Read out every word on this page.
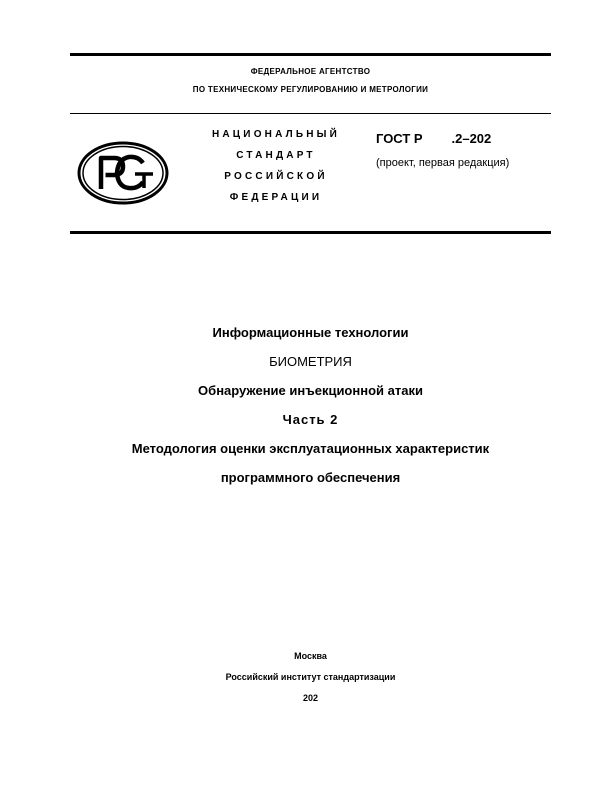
ФЕДЕРАЛЬНОЕ АГЕНТСТВО
ПО ТЕХНИЧЕСКОМУ РЕГУЛИРОВАНИЮ И МЕТРОЛОГИИ
НАЦИОНАЛЬНЫЙ
СТАНДАРТ
РОССИЙСКОЙ
ФЕДЕРАЦИИ
ГОСТ Р        .2–202
(проект, первая редакция)
Информационные технологии
БИОМЕТРИЯ
Обнаружение инъекционной атаки
Часть 2
Методология оценки эксплуатационных характеристик
программного обеспечения
Москва
Российский институт стандартизации
202
